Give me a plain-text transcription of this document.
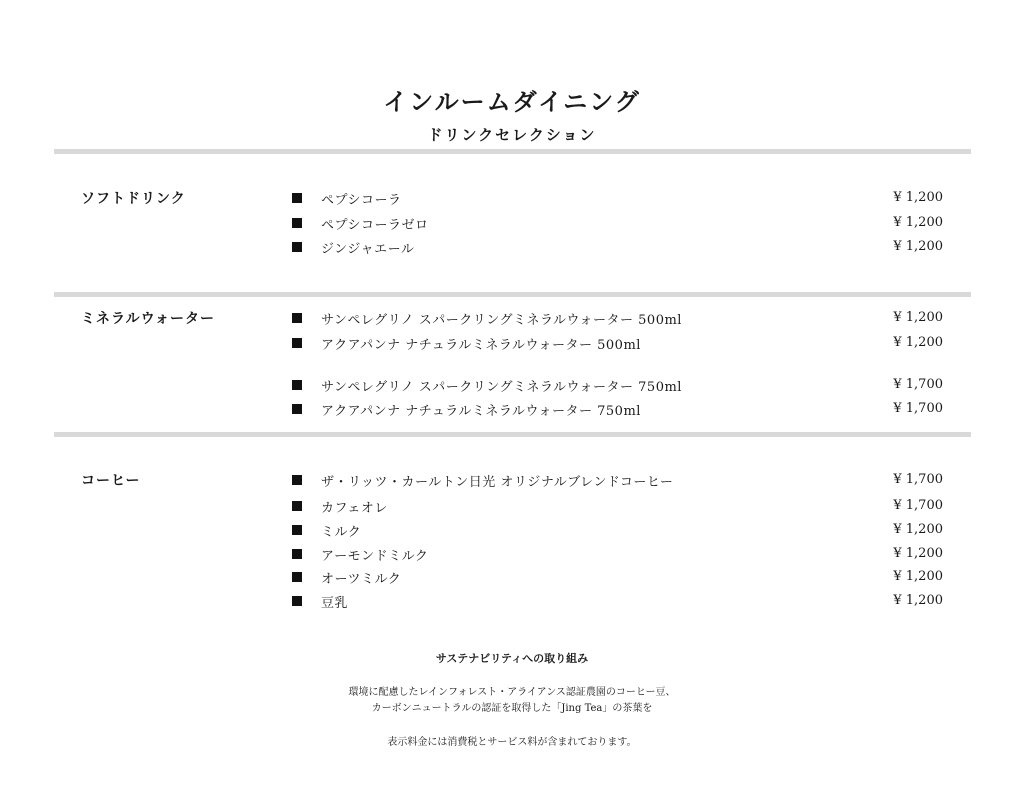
インルームダイニング
ドリンクセレクション
ソフトドリンク	ペプシコーラ	¥ 1,200
ペプシコーラゼロ	¥ 1,200
ジンジャエール	¥ 1,200
ミネラルウォーター	サンペレグリノ スパークリングミネラルウォーター 500ml	¥ 1,200
アクアパンナ ナチュラルミネラルウォーター 500ml	¥ 1,200
サンペレグリノ スパークリングミネラルウォーター 750ml	¥ 1,700
アクアパンナ ナチュラルミネラルウォーター 750ml	¥ 1,700
コーヒー	ザ・リッツ・カールトン日光 オリジナルブレンドコーヒー	¥ 1,700
カフェオレ	¥ 1,700
ミルク	¥ 1,200
アーモンドミルク	¥ 1,200
オーツミルク	¥ 1,200
豆乳	¥ 1,200

サステナビリティへの取り組み

環境に配慮したレインフォレスト・アライアンス認証農園のコーヒー豆、

カーボンニュートラルの認証を取得した「Jing Tea」の茶葉を

表示料金には消費税とサービス料が含まれております。
